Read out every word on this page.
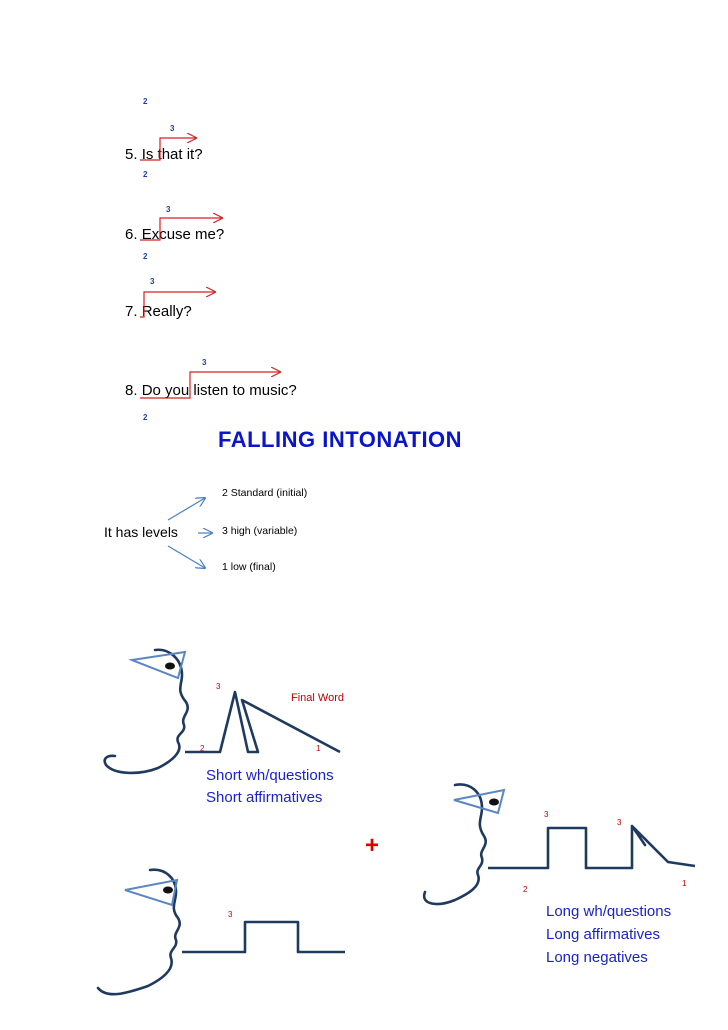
2
3
5. Is that it?
2
3
6. Excuse me?
2
3
7. Really?
3
8. Do you listen to music?
2
FALLING INTONATION
2 Standard (initial)
It has levels	3 high (variable)
1 low (final)
3
Final Word
2	1
Short wh/questions
Short affirmatives
+
3
3
2
1
Long wh/questions
Long affirmatives
Long negatives
3
